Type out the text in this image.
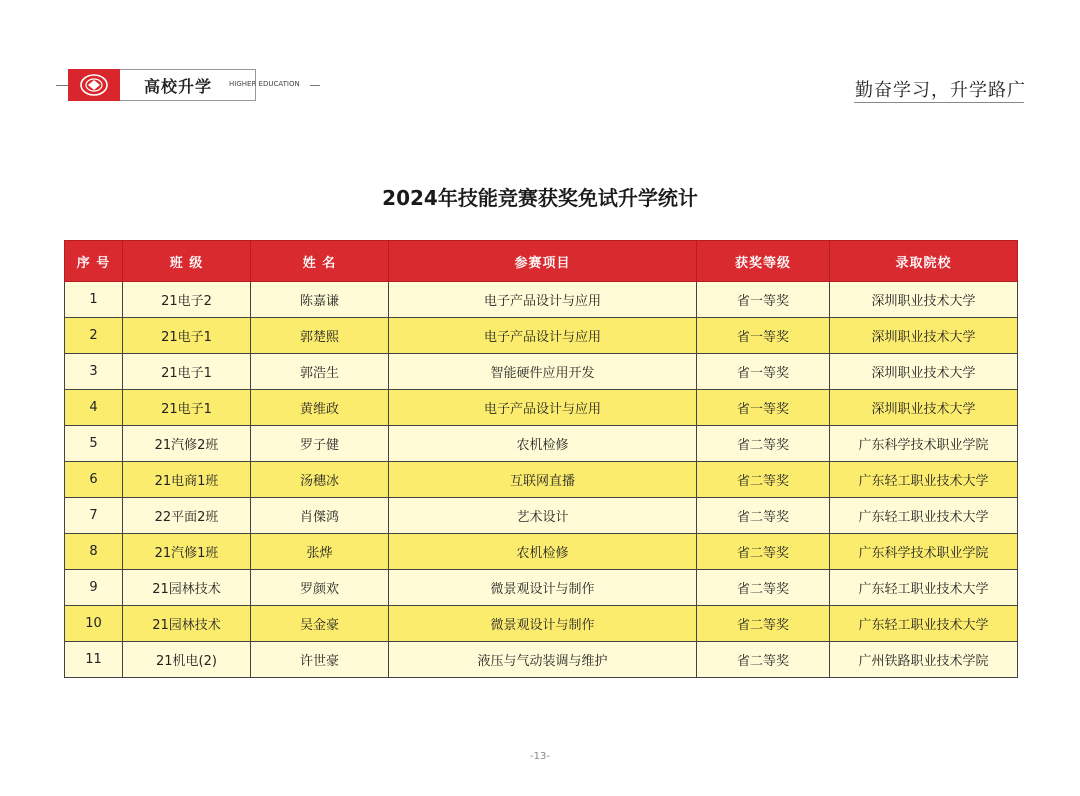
高校升学 HIGHER EDUCATION	勤奋学习，升学路广
2024年技能竞赛获奖免试升学统计
序 号	班 级	姓 名	参赛项目	获奖等级	录取院校
1	21电子2	陈嘉谦	电子产品设计与应用	省一等奖	深圳职业技术大学
2	21电子1	郭楚熙	电子产品设计与应用	省一等奖	深圳职业技术大学
3	21电子1	郭浩生	智能硬件应用开发	省一等奖	深圳职业技术大学
4	21电子1	黄维政	电子产品设计与应用	省一等奖	深圳职业技术大学
5	21汽修2班	罗子健	农机检修	省二等奖	广东科学技术职业学院
6	21电商1班	汤穗冰	互联网直播	省二等奖	广东轻工职业技术大学
7	22平面2班	肖傑鸿	艺术设计	省二等奖	广东轻工职业技术大学
8	21汽修1班	张烨	农机检修	省二等奖	广东科学技术职业学院
9	21园林技术	罗颜欢	微景观设计与制作	省二等奖	广东轻工职业技术大学
10	21园林技术	吴金豪	微景观设计与制作	省二等奖	广东轻工职业技术大学
11	21机电(2)	许世豪	液压与气动装调与维护	省二等奖	广州铁路职业技术学院
-13-
